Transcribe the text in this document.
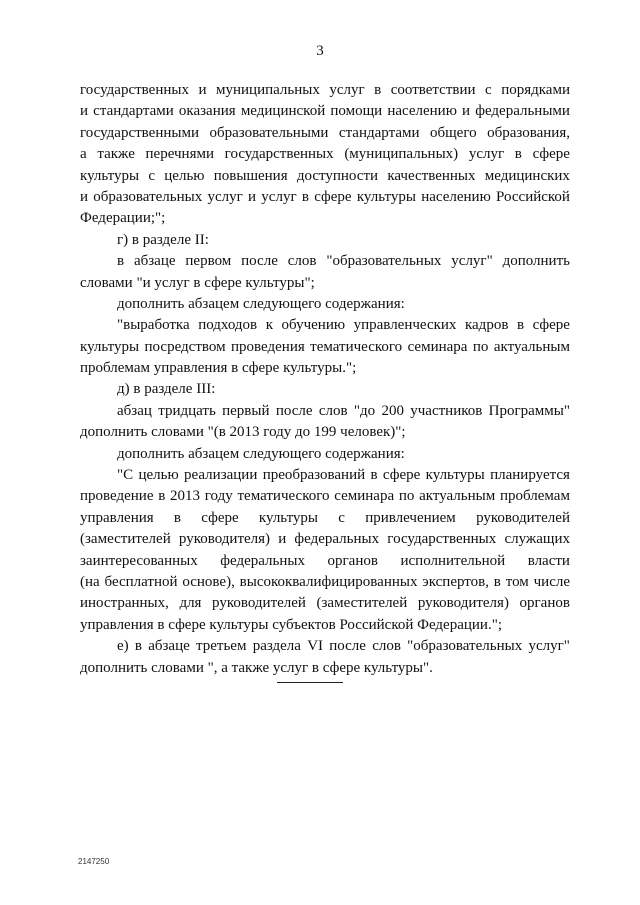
3
государственных и муниципальных услуг в соответствии с порядками
и стандартами оказания медицинской помощи населению и федеральными
государственными образовательными стандартами общего образования,
а также перечнями государственных (муниципальных) услуг в сфере
культуры с целью повышения доступности качественных медицинских
и образовательных услуг и услуг в сфере культуры населению Российской
Федерации;";
г) в разделе II:
в абзаце первом после слов "образовательных услуг" дополнить
словами "и услуг в сфере культуры";
дополнить абзацем следующего содержания:
"выработка подходов к обучению управленческих кадров в сфере
культуры посредством проведения тематического семинара по актуальным
проблемам управления в сфере культуры.";
д) в разделе III:
абзац тридцать первый после слов "до 200 участников Программы"
дополнить словами "(в 2013 году до 199 человек)";
дополнить абзацем следующего содержания:
"С целью реализации преобразований в сфере культуры планируется
проведение в 2013 году тематического семинара по актуальным проблемам
управления в сфере культуры с привлечением руководителей
(заместителей руководителя) и федеральных государственных служащих
заинтересованных федеральных органов исполнительной власти
(на бесплатной основе), высококвалифицированных экспертов, в том числе
иностранных, для руководителей (заместителей руководителя) органов
управления в сфере культуры субъектов Российской Федерации.";
е) в абзаце третьем раздела VI после слов "образовательных услуг"
дополнить словами ", а также услуг в сфере культуры".
2147250
